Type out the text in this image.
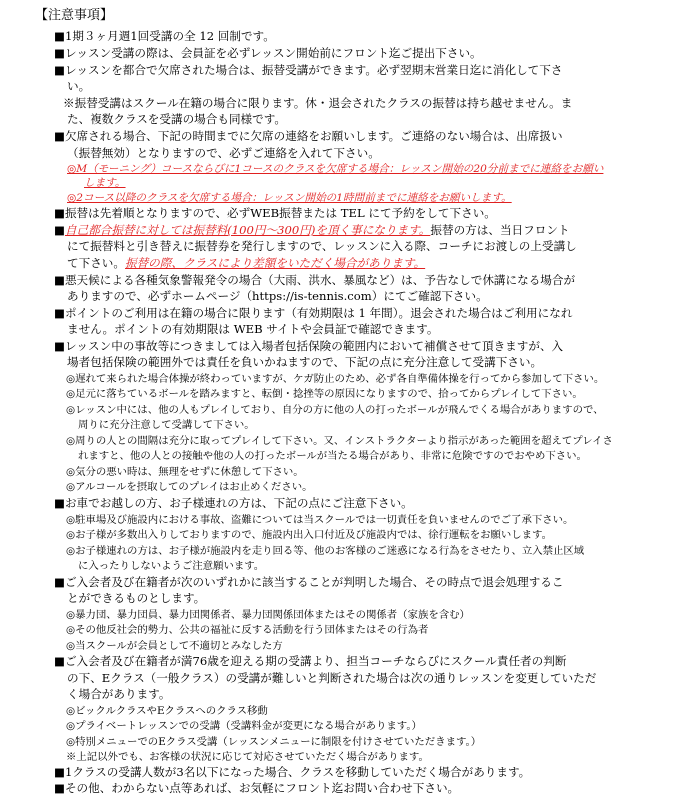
【注意事項】
■1期３ヶ月週1回受講の全 12 回制です。
■レッスン受講の際は、会員証を必ずレッスン開始前にフロント迄ご提出下さい。
■レッスンを都合で欠席された場合は、振替受講ができます。必ず翌期末営業日迄に消化して下さ
い。
※振替受講はスクール在籍の場合に限ります。休・退会されたクラスの振替は持ち越せません。ま
た、複数クラスを受講の場合も同様です。
■欠席される場合、下記の時間までに欠席の連絡をお願いします。ご連絡のない場合は、出席扱い
（振替無効）となりますので、必ずご連絡を入れて下さい。
◎M（モーニング）コースならびに1コースのクラスを欠席する場合：レッスン開始の20分前までに連絡をお願い
します。
◎2コース以降のクラスを欠席する場合：レッスン開始の1時間前までに連絡をお願いします。
■振替は先着順となりますので、必ずWEB振替または TEL にて予約をして下さい。
■自己都合振替に対しては振替料(100円〜300円)を頂く事になります。振替の方は、当日フロント
にて振替料と引き替えに振替券を発行しますので、レッスンに入る際、コーチにお渡しの上受講し
て下さい。振替の際、クラスにより差額をいただく場合があります。
■悪天候による各種気象警報発令の場合（大雨、洪水、暴風など）は、予告なしで休講になる場合が
ありますので、必ずホームページ（https://is-tennis.com）にてご確認下さい。
■ポイントのご利用は在籍の場合に限ります（有効期限は 1 年間）。退会された場合はご利用になれ
ません。ポイントの有効期限は WEB サイトや会員証で確認できます。
■レッスン中の事故等につきましては入場者包括保険の範囲内において補償させて頂きますが、入
場者包括保険の範囲外では責任を負いかねますので、下記の点に充分注意して受講下さい。
◎遅れて来られた場合体操が終わっていますが、ケガ防止のため、必ず各自準備体操を行ってから参加して下さい。
◎足元に落ちているボールを踏みますと、転倒・捻挫等の原因になりますので、拾ってからプレイして下さい。
◎レッスン中には、他の人もプレイしており、自分の方に他の人の打ったボールが飛んでくる場合がありますので、
周りに充分注意して受講して下さい。
◎周りの人との間隔は充分に取ってプレイして下さい。又、インストラクターより指示があった範囲を超えてプレイさ
れますと、他の人との接触や他の人の打ったボールが当たる場合があり、非常に危険ですのでおやめ下さい。
◎気分の悪い時は、無理をせずに休憩して下さい。
◎アルコールを摂取してのプレイはお止めください。
■お車でお越しの方、お子様連れの方は、下記の点にご注意下さい。
◎駐車場及び施設内における事故、盗難については当スクールでは一切責任を負いませんのでご了承下さい。
◎お子様が多数出入りしておりますので、施設内出入口付近及び施設内では、徐行運転をお願いします。
◎お子様連れの方は、お子様が施設内を走り回る等、他のお客様のご迷惑になる行為をさせたり、立入禁止区域
に入ったりしないようご注意願います。
■ご入会者及び在籍者が次のいずれかに該当することが判明した場合、その時点で退会処理するこ
とができるものとします。
◎暴力団、暴力団員、暴力団関係者、暴力団関係団体またはその関係者（家族を含む）
◎その他反社会的勢力、公共の福祉に反する活動を行う団体またはその行為者
◎当スクールが会員として不適切とみなした方
■ご入会者及び在籍者が満76歳を迎える期の受講より、担当コーチならびにスクール責任者の判断
の下、Eクラス（一般クラス）の受講が難しいと判断された場合は次の通りレッスンを変更していただ
く場合があります。
◎ビックルクラスやEクラスへのクラス移動
◎プライベートレッスンでの受講（受講料金が変更になる場合があります。）
◎特別メニューでのEクラス受講（レッスンメニューに制限を付けさせていただきます。）
※上記以外でも、お客様の状況に応じて対応させていただく場合があります。
■1クラスの受講人数が3名以下になった場合、クラスを移動していただく場合があります。
■その他、わからない点等あれば、お気軽にフロント迄お問い合わせ下さい。
